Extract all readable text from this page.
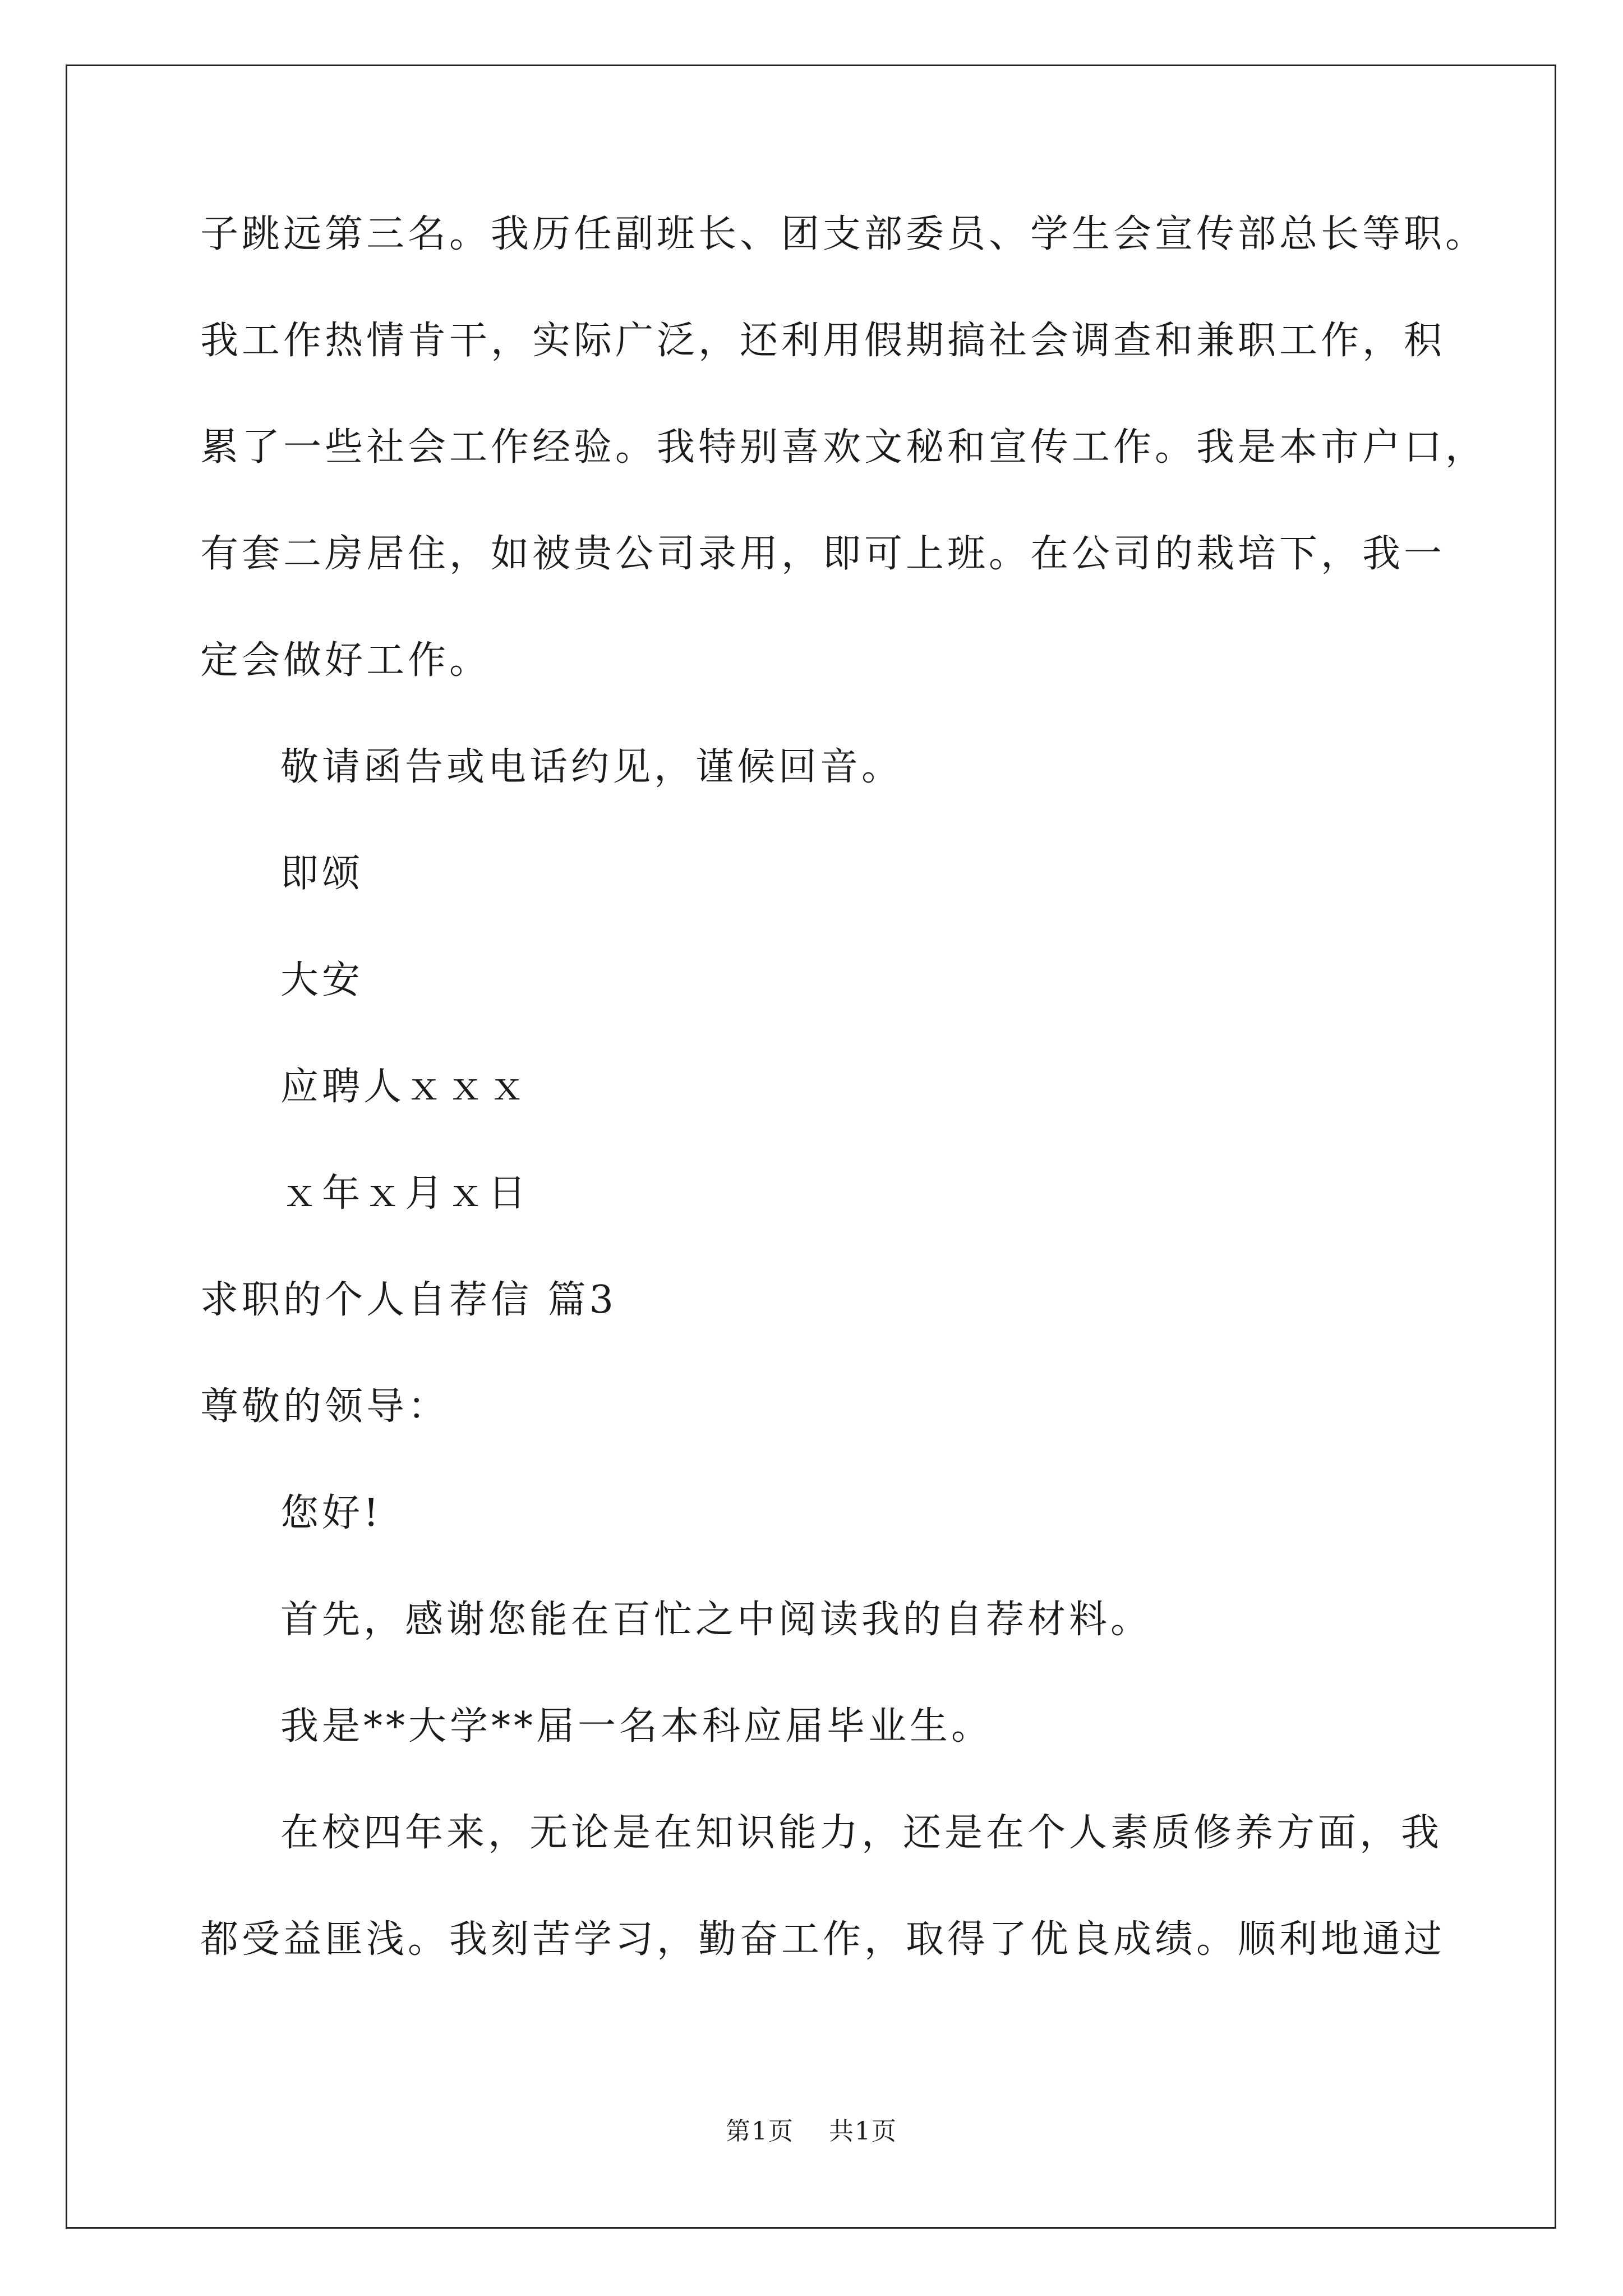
子跳远第三名。我历任副班长、团支部委员、学生会宣传部总长等职。
我工作热情肯干，实际广泛，还利用假期搞社会调查和兼职工作，积
累了一些社会工作经验。我特别喜欢文秘和宣传工作。我是本市户口，
有套二房居住，如被贵公司录用，即可上班。在公司的栽培下，我一
定会做好工作。
敬请函告或电话约见，谨候回音。
即颂
大安
应聘人ｘｘｘ
ｘ年ｘ月ｘ日
求职的个人自荐信 篇3
尊敬的领导：
您好!
首先，感谢您能在百忙之中阅读我的自荐材料。
我是**大学**届一名本科应届毕业生。
在校四年来，无论是在知识能力，还是在个人素质修养方面，我
都受益匪浅。我刻苦学习，勤奋工作，取得了优良成绩。顺利地通过
第1页 共1页
